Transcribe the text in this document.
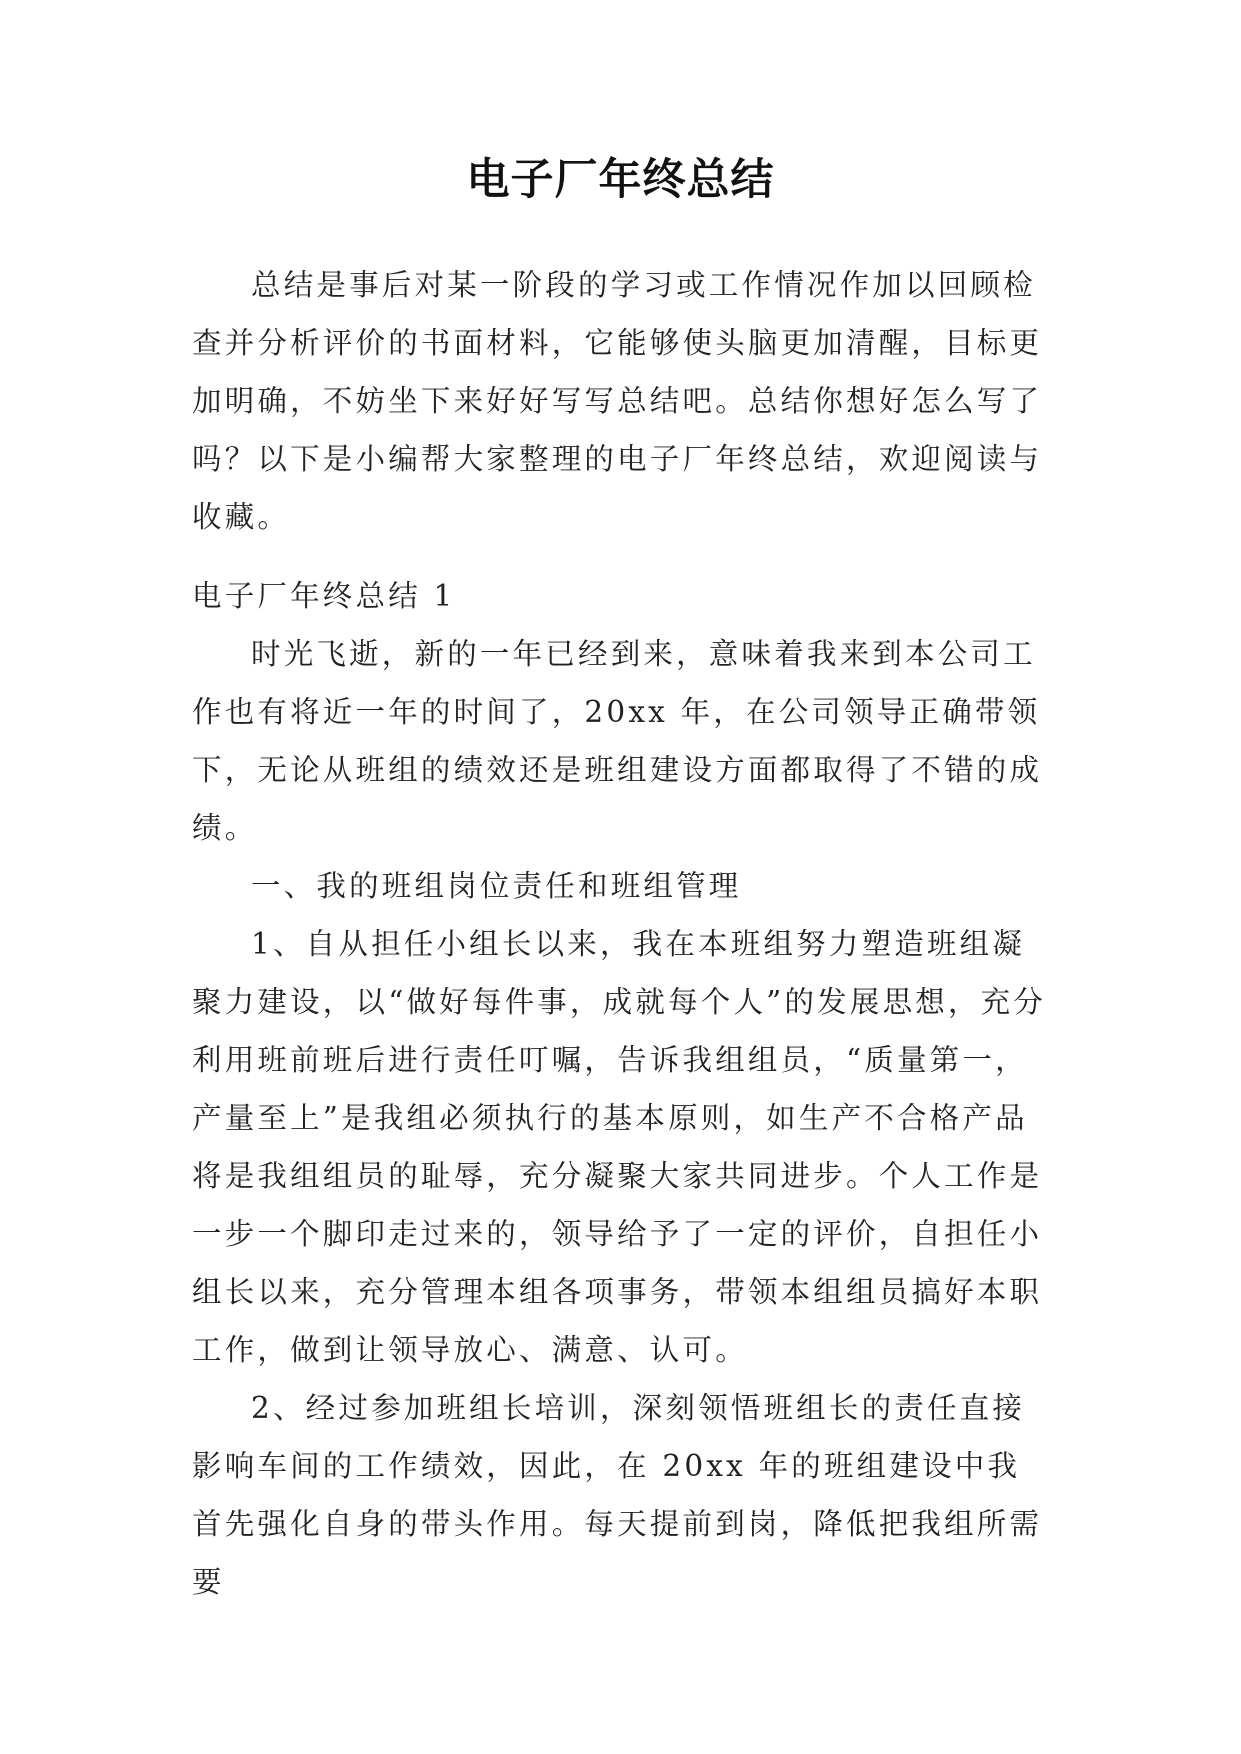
电子厂年终总结

总结是事后对某一阶段的学习或工作情况作加以回顾检查并分析评价的书面材料，它能够使头脑更加清醒，目标更加明确，不妨坐下来好好写写总结吧。总结你想好怎么写了吗？以下是小编帮大家整理的电子厂年终总结，欢迎阅读与收藏。

电子厂年终总结 1

时光飞逝，新的一年已经到来，意味着我来到本公司工作也有将近一年的时间了，20xx 年，在公司领导正确带领下，无论从班组的绩效还是班组建设方面都取得了不错的成绩。

一、我的班组岗位责任和班组管理

1、自从担任小组长以来，我在本班组努力塑造班组凝聚力建设，以“做好每件事，成就每个人”的发展思想，充分利用班前班后进行责任叮嘱，告诉我组组员，“质量第一，产量至上”是我组必须执行的基本原则，如生产不合格产品将是我组组员的耻辱，充分凝聚大家共同进步。个人工作是一步一个脚印走过来的，领导给予了一定的评价，自担任小组长以来，充分管理本组各项事务，带领本组组员搞好本职工作，做到让领导放心、满意、认可。

2、经过参加班组长培训，深刻领悟班组长的责任直接影响车间的工作绩效，因此，在 20xx 年的班组建设中我首先强化自身的带头作用。每天提前到岗，降低把我组所需要
